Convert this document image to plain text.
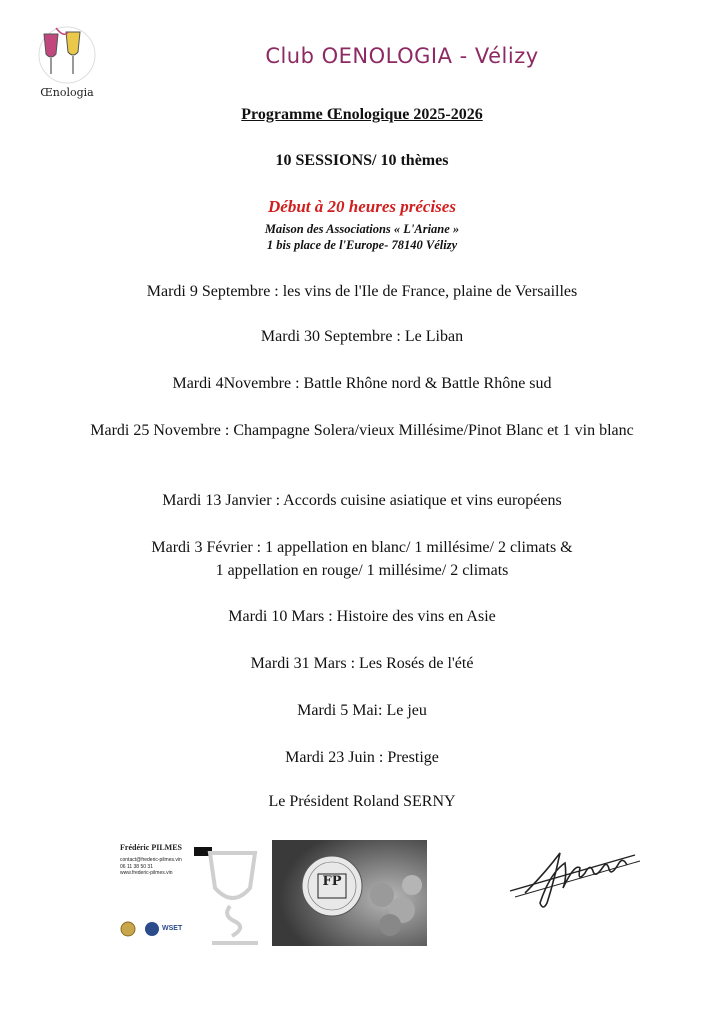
Œnologia
Club OENOLOGIA - Vélizy
Programme Œnologique 2025-2026
10 SESSIONS/ 10 thèmes
Début à 20 heures précises
Maison des Associations « L'Ariane »
1 bis place de l'Europe- 78140 Vélizy
Mardi 9 Septembre : les vins de l'Ile de France, plaine de Versailles
Mardi 30 Septembre : Le Liban
Mardi 4Novembre : Battle Rhône nord & Battle Rhône sud
Mardi 25 Novembre : Champagne Solera/vieux Millésime/Pinot Blanc et 1 vin blanc
Mardi 13 Janvier : Accords cuisine asiatique et vins européens
Mardi 3 Février : 1 appellation en blanc/ 1 millésime/ 2 climats & 1 appellation en rouge/ 1 millésime/ 2 climats
Mardi 10 Mars : Histoire des vins en Asie
Mardi 31 Mars : Les Rosés de l'été
Mardi 5 Mai: Le jeu
Mardi 23 Juin : Prestige
Le Président Roland SERNY
Frédéric PILMES
contact@frederic-pilmes.vin
06 11 38 50 31
www.frederic-pilmes.vin
WSET
FP
